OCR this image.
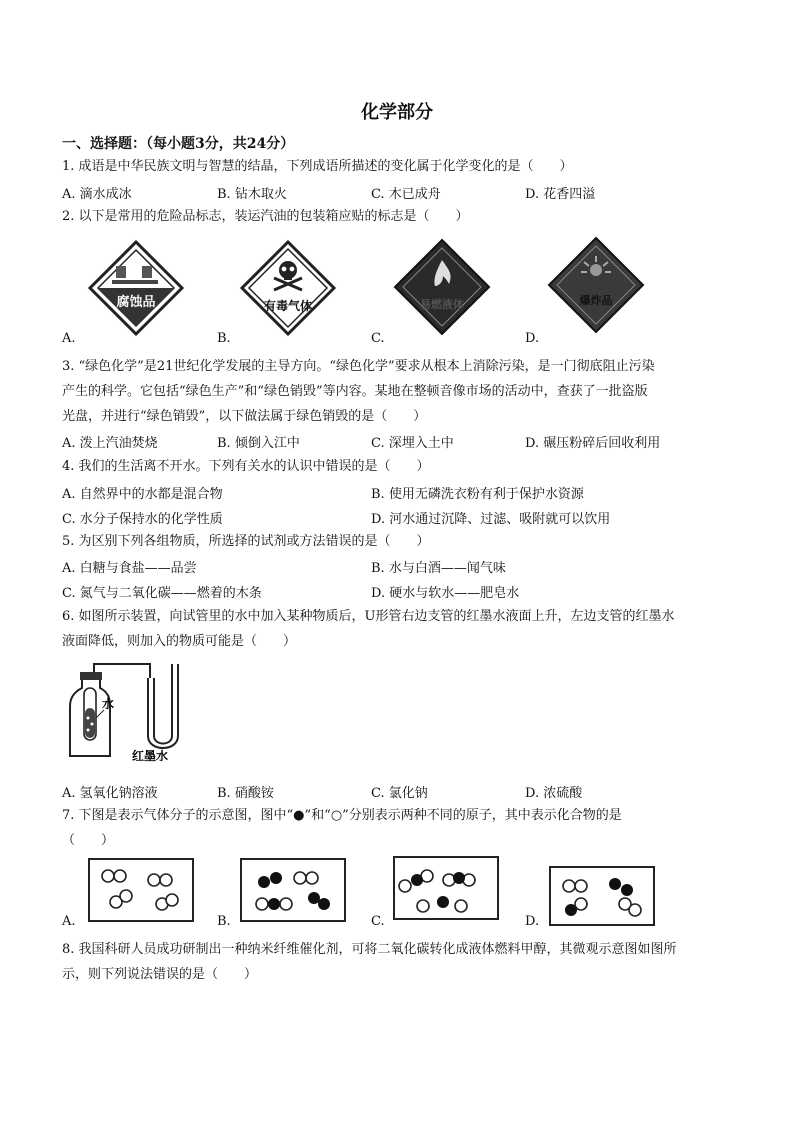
化学部分
一、选择题：（每小题3分，共24分）
1. 成语是中华民族文明与智慧的结晶，下列成语所描述的变化属于化学变化的是（　　）
A. 滴水成冰	B. 钻木取火	C. 木已成舟	D. 花香四溢
2. 以下是常用的危险品标志，装运汽油的包装箱应贴的标志是（　　）
腐蚀品	有毒气体	易燃液体	爆炸品
A.	B.	C.	D.
3. “绿色化学”是21世纪化学发展的主导方向。“绿色化学”要求从根本上消除污染，是一门彻底阻止污染
产生的科学。它包括“绿色生产”和“绿色销毁”等内容。某地在整顿音像市场的活动中，查获了一批盗版
光盘，并进行“绿色销毁”，以下做法属于绿色销毁的是（　　）
A. 泼上汽油焚烧	B. 倾倒入江中	C. 深埋入土中	D. 碾压粉碎后回收利用
4. 我们的生活离不开水。下列有关水的认识中错误的是（　　）
A. 自然界中的水都是混合物	B. 使用无磷洗衣粉有利于保护水资源
C. 水分子保持水的化学性质	D. 河水通过沉降、过滤、吸附就可以饮用
5. 为区别下列各组物质，所选择的试剂或方法错误的是（　　）
A. 白糖与食盐——品尝	B. 水与白酒——闻气味
C. 氮气与二氧化碳——燃着的木条	D. 硬水与软水——肥皂水
6. 如图所示装置，向试管里的水中加入某种物质后，U形管右边支管的红墨水液面上升，左边支管的红墨水
液面降低，则加入的物质可能是（　　）
水
红墨水
A. 氢氧化钠溶液	B. 硝酸铵	C. 氯化钠	D. 浓硫酸
7. 下图是表示气体分子的示意图，图中“●”和“○”分别表示两种不同的原子，其中表示化合物的是
（　　）
A.	B.	C.	D.
8. 我国科研人员成功研制出一种纳米纤维催化剂，可将二氧化碳转化成液体燃料甲醇，其微观示意图如图所
示，则下列说法错误的是（　　）
